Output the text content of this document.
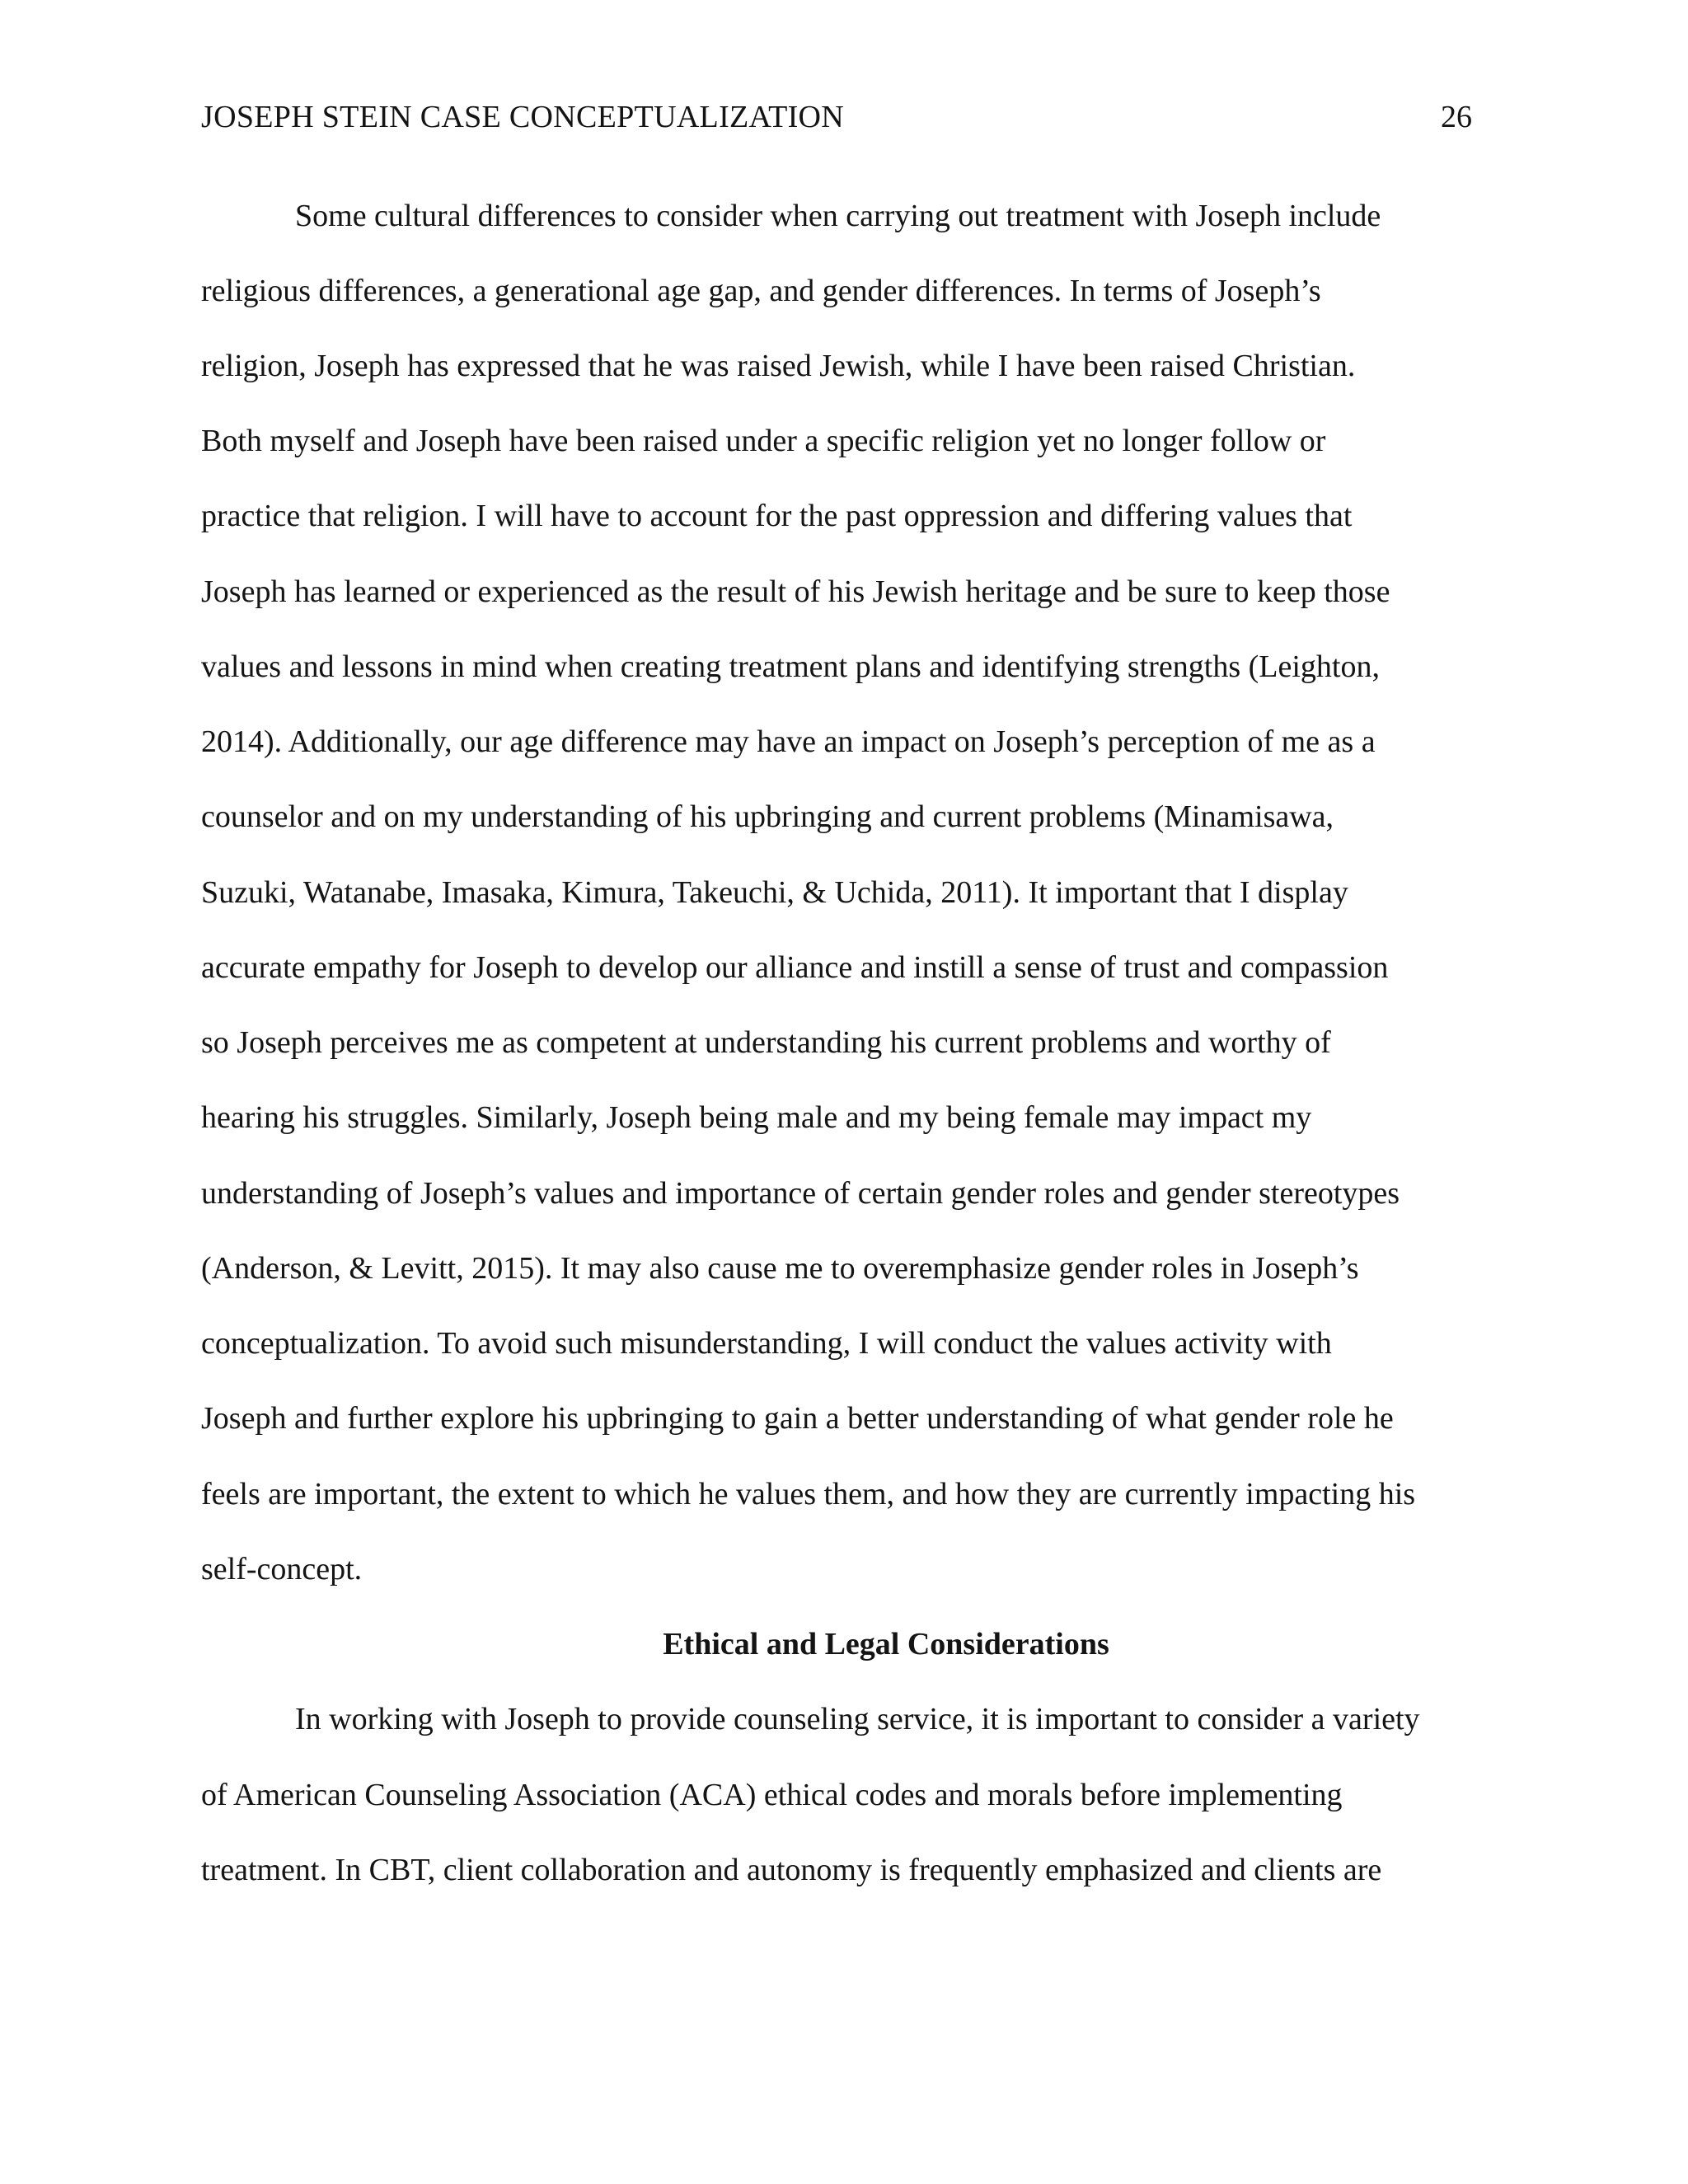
JOSEPH STEIN CASE CONCEPTUALIZATION	26
Some cultural differences to consider when carrying out treatment with Joseph include
religious differences, a generational age gap, and gender differences. In terms of Joseph’s
religion, Joseph has expressed that he was raised Jewish, while I have been raised Christian.
Both myself and Joseph have been raised under a specific religion yet no longer follow or
practice that religion. I will have to account for the past oppression and differing values that
Joseph has learned or experienced as the result of his Jewish heritage and be sure to keep those
values and lessons in mind when creating treatment plans and identifying strengths (Leighton,
2014). Additionally, our age difference may have an impact on Joseph’s perception of me as a
counselor and on my understanding of his upbringing and current problems (Minamisawa,
Suzuki, Watanabe, Imasaka, Kimura, Takeuchi, & Uchida, 2011). It important that I display
accurate empathy for Joseph to develop our alliance and instill a sense of trust and compassion
so Joseph perceives me as competent at understanding his current problems and worthy of
hearing his struggles. Similarly, Joseph being male and my being female may impact my
understanding of Joseph’s values and importance of certain gender roles and gender stereotypes
(Anderson, & Levitt, 2015). It may also cause me to overemphasize gender roles in Joseph’s
conceptualization. To avoid such misunderstanding, I will conduct the values activity with
Joseph and further explore his upbringing to gain a better understanding of what gender role he
feels are important, the extent to which he values them, and how they are currently impacting his
self-concept.
Ethical and Legal Considerations
In working with Joseph to provide counseling service, it is important to consider a variety
of American Counseling Association (ACA) ethical codes and morals before implementing
treatment. In CBT, client collaboration and autonomy is frequently emphasized and clients are
